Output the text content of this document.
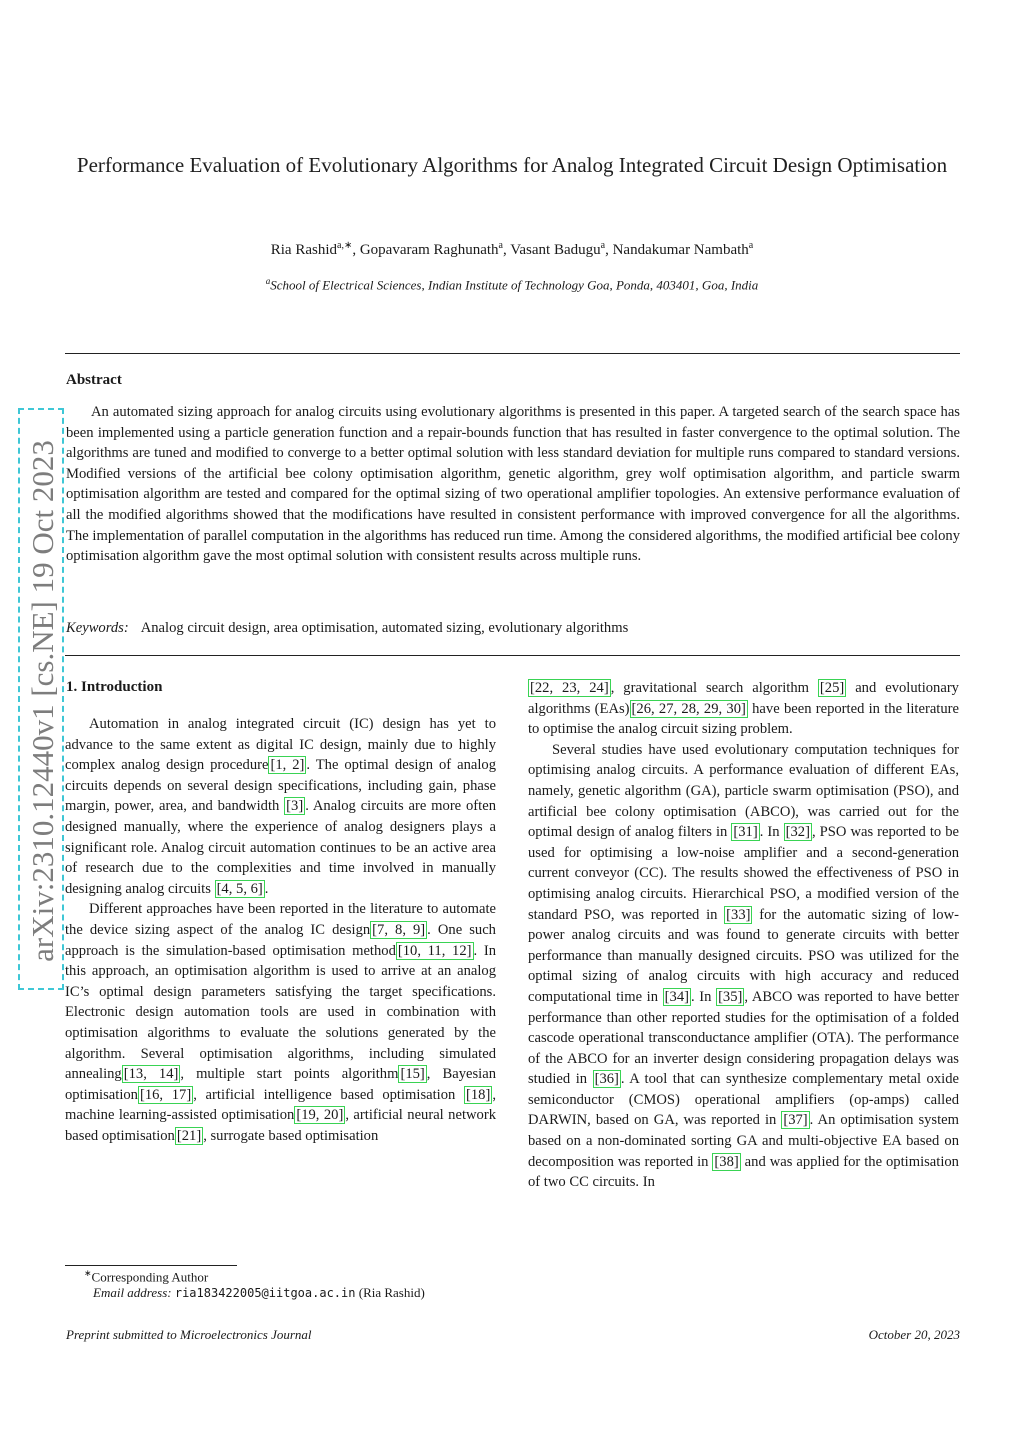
arXiv:2310.12440v1 [cs.NE] 19 Oct 2023
Performance Evaluation of Evolutionary Algorithms for Analog Integrated Circuit Design Optimisation
Ria Rashid$^{a,∗}$, Gopavaram Raghunath$^a$, Vasant Badugu$^a$, Nandakumar Nambath$^a$
$^a$School of Electrical Sciences, Indian Institute of Technology Goa, Ponda, 403401, Goa, India
Abstract
An automated sizing approach for analog circuits using evolutionary algorithms is presented in this paper. A targeted search of the search space has been implemented using a particle generation function and a repair-bounds function that has resulted in faster convergence to the optimal solution. The algorithms are tuned and modified to converge to a better optimal solution with less standard deviation for multiple runs compared to standard versions. Modified versions of the artificial bee colony optimisation algorithm, genetic algorithm, grey wolf optimisation algorithm, and particle swarm optimisation algorithm are tested and compared for the optimal sizing of two operational amplifier topologies. An extensive performance evaluation of all the modified algorithms showed that the modifications have resulted in consistent performance with improved convergence for all the algorithms. The implementation of parallel computation in the algorithms has reduced run time. Among the considered algorithms, the modified artificial bee colony optimisation algorithm gave the most optimal solution with consistent results across multiple runs.
Keywords: Analog circuit design, area optimisation, automated sizing, evolutionary algorithms
1. Introduction

Automation in analog integrated circuit (IC) design has yet to advance to the same extent as digital IC design, mainly due to highly complex analog design procedure [1, 2] . The optimal design of analog circuits depends on several design specifications, including gain, phase margin, power, area, and bandwidth [3] . Analog circuits are more often designed manually, where the experience of analog designers plays a significant role. Analog circuit automation continues to be an active area of research due to the complexities and time involved in manually designing analog circuits [4, 5, 6] .

Different approaches have been reported in the literature to automate the device sizing aspect of the analog IC design [7, 8, 9] . One such approach is the simulation-based optimisation method [10, 11, 12] . In this approach, an optimisation algorithm is used to arrive at an analog IC’s optimal design parameters satisfying the target specifications. Electronic design automation tools are used in combination with optimisation algorithms to evaluate the solutions generated by the algorithm. Several optimisation algorithms, including simulated annealing [13, 14] , multiple start points algorithm [15] , Bayesian optimisation [16, 17] , artificial intelligence based optimisation [18] , machine learning-assisted optimisation [19, 20] , artificial neural network based optimisation [21] , surrogate based optimisation

[22, 23, 24] , gravitational search algorithm [25] and evolutionary algorithms (EAs) [26, 27, 28, 29, 30] have been reported in the literature to optimise the analog circuit sizing problem.

Several studies have used evolutionary computation techniques for optimising analog circuits. A performance evaluation of different EAs, namely, genetic algorithm (GA), particle swarm optimisation (PSO), and artificial bee colony optimisation (ABCO), was carried out for the optimal design of analog filters in [31] . In [32] , PSO was reported to be used for optimising a low-noise amplifier and a second-generation current conveyor (CC). The results showed the effectiveness of PSO in optimising analog circuits. Hierarchical PSO, a modified version of the standard PSO, was reported in [33] for the automatic sizing of low-power analog circuits and was found to generate circuits with better performance than manually designed circuits. PSO was utilized for the optimal sizing of analog circuits with high accuracy and reduced computational time in [34] . In [35] , ABCO was reported to have better performance than other reported studies for the optimisation of a folded cascode operational transconductance amplifier (OTA). The performance of the ABCO for an inverter design considering propagation delays was studied in [36] . A tool that can synthesize complementary metal oxide semiconductor (CMOS) operational amplifiers (op-amps) called DARWIN, based on GA, was reported in [37] . An optimisation system based on a non-dominated sorting GA and multi-objective EA based on decomposition was reported in [38] and was applied for the optimisation of two CC circuits. In

∗Corresponding Author
Email address: ria183422005@iitgoa.ac.in (Ria Rashid)
Preprint submitted to Microelectronics Journal	October 20, 2023
